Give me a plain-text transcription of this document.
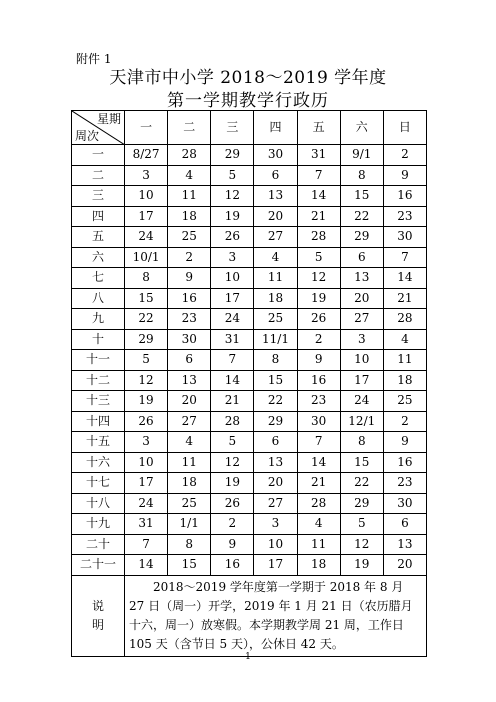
附件 1
天津市中小学 2018～2019 学年度
第一学期教学行政历
星期
周次	一	二	三	四	五	六	日
一	8/27	28	29	30	31	9/1	2
二	3	4	5	6	7	8	9
三	10	11	12	13	14	15	16
四	17	18	19	20	21	22	23
五	24	25	26	27	28	29	30
六	10/1	2	3	4	5	6	7
七	8	9	10	11	12	13	14
八	15	16	17	18	19	20	21
九	22	23	24	25	26	27	28
十	29	30	31	11/1	2	3	4
十一	5	6	7	8	9	10	11
十二	12	13	14	15	16	17	18
十三	19	20	21	22	23	24	25
十四	26	27	28	29	30	12/1	2
十五	3	4	5	6	7	8	9
十六	10	11	12	13	14	15	16
十七	17	18	19	20	21	22	23
十八	24	25	26	27	28	29	30
十九	31	1/1	2	3	4	5	6
二十	7	8	9	10	11	12	13
二十一	14	15	16	17	18	19	20

说
明	2018～2019 学年度第一学期于 2018 年 8 月 27 日（周一）开学，2019 年 1 月 21 日（农历腊月十六，周一）放寒假。本学期教学周 21 周，工作日 105 天（含节日 5 天），公休日 42 天。						
1
